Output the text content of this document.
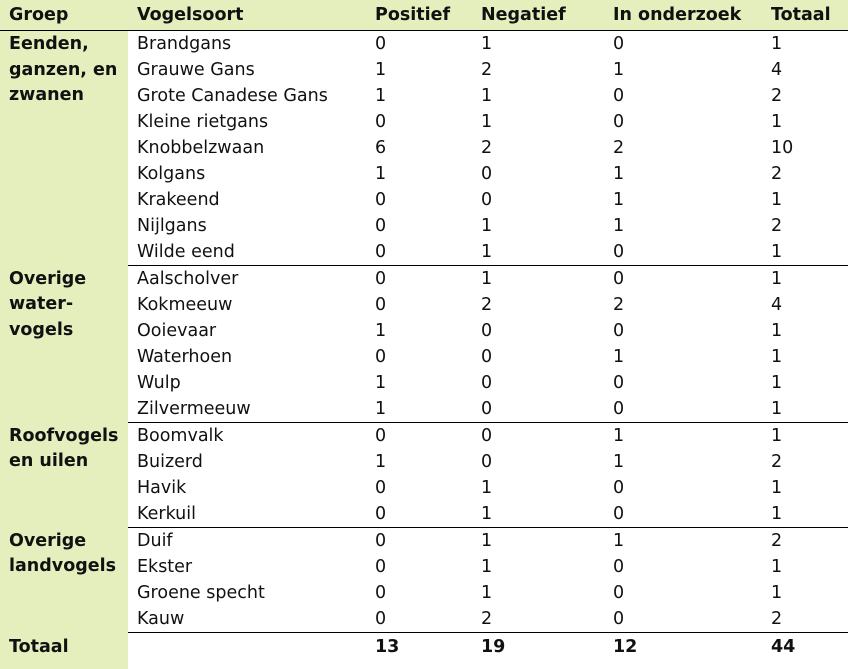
Groep	Vogelsoort	Positief	Negatief	In onderzoek	Totaal
Eenden, ganzen, en zwanen	Brandgans	0	1	0	1
	Grauwe Gans	1	2	1	4
	Grote Canadese Gans	1	1	0	2
	Kleine rietgans	0	1	0	1
	Knobbelzwaan	6	2	2	10
	Kolgans	1	0	1	2
	Krakeend	0	0	1	1
	Nijlgans	0	1	1	2
	Wilde eend	0	1	0	1
Overige water-vogels	Aalscholver	0	1	0	1
	Kokmeeuw	0	2	2	4
	Ooievaar	1	0	0	1
	Waterhoen	0	0	1	1
	Wulp	1	0	0	1
	Zilvermeeuw	1	0	0	1
Roofvogels en uilen	Boomvalk	0	0	1	1
	Buizerd	1	0	1	2
	Havik	0	1	0	1
	Kerkuil	0	1	0	1
Overige landvogels	Duif	0	1	1	2
	Ekster	0	1	0	1
	Groene specht	0	1	0	1
	Kauw	0	2	0	2
Totaal		13	19	12	44
